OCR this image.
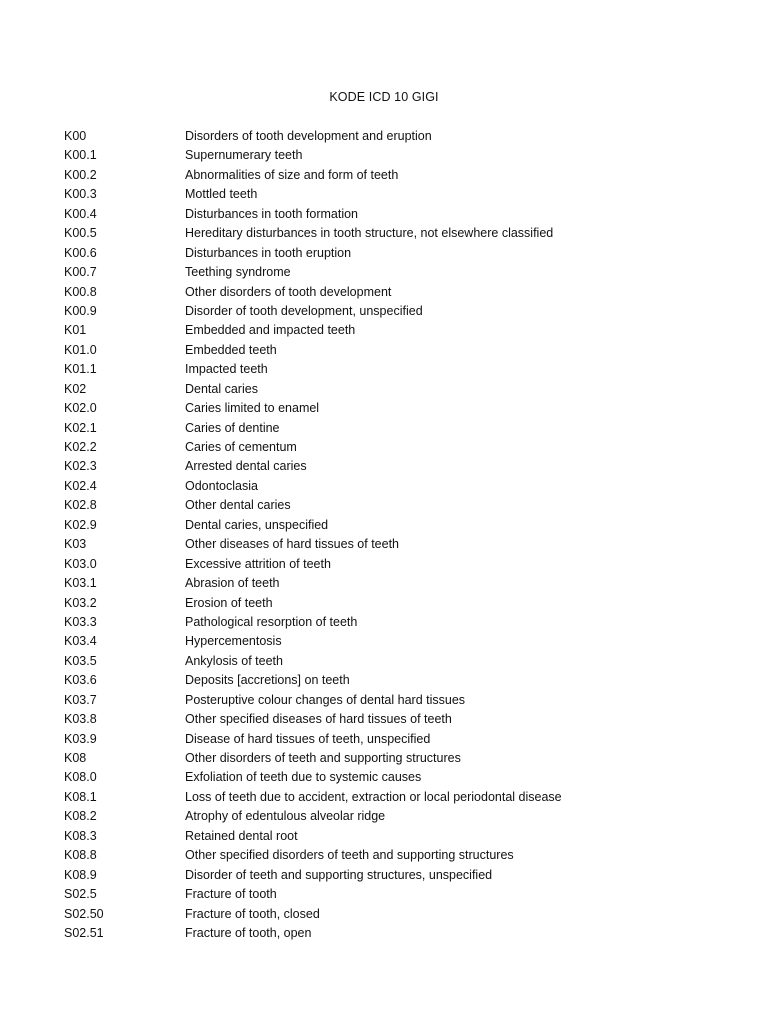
KODE ICD 10 GIGI
K00	Disorders of tooth development and eruption
K00.1	Supernumerary teeth
K00.2	Abnormalities of size and form of teeth
K00.3	Mottled teeth
K00.4	Disturbances in tooth formation
K00.5	Hereditary disturbances in tooth structure, not elsewhere classified
K00.6	Disturbances in tooth eruption
K00.7	Teething syndrome
K00.8	Other disorders of tooth development
K00.9	Disorder of tooth development, unspecified
K01	Embedded and impacted teeth
K01.0	Embedded teeth
K01.1	Impacted teeth
K02	Dental caries
K02.0	Caries limited to enamel
K02.1	Caries of dentine
K02.2	Caries of cementum
K02.3	Arrested dental caries
K02.4	Odontoclasia
K02.8	Other dental caries
K02.9	Dental caries, unspecified
K03	Other diseases of hard tissues of teeth
K03.0	Excessive attrition of teeth
K03.1	Abrasion of teeth
K03.2	Erosion of teeth
K03.3	Pathological resorption of teeth
K03.4	Hypercementosis
K03.5	Ankylosis of teeth
K03.6	Deposits [accretions] on teeth
K03.7	Posteruptive colour changes of dental hard tissues
K03.8	Other specified diseases of hard tissues of teeth
K03.9	Disease of hard tissues of teeth, unspecified
K08	Other disorders of teeth and supporting structures
K08.0	Exfoliation of teeth due to systemic causes
K08.1	Loss of teeth due to accident, extraction or local periodontal disease
K08.2	Atrophy of edentulous alveolar ridge
K08.3	Retained dental root
K08.8	Other specified disorders of teeth and supporting structures
K08.9	Disorder of teeth and supporting structures, unspecified
S02.5	Fracture of tooth
S02.50	Fracture of tooth, closed
S02.51	Fracture of tooth, open
